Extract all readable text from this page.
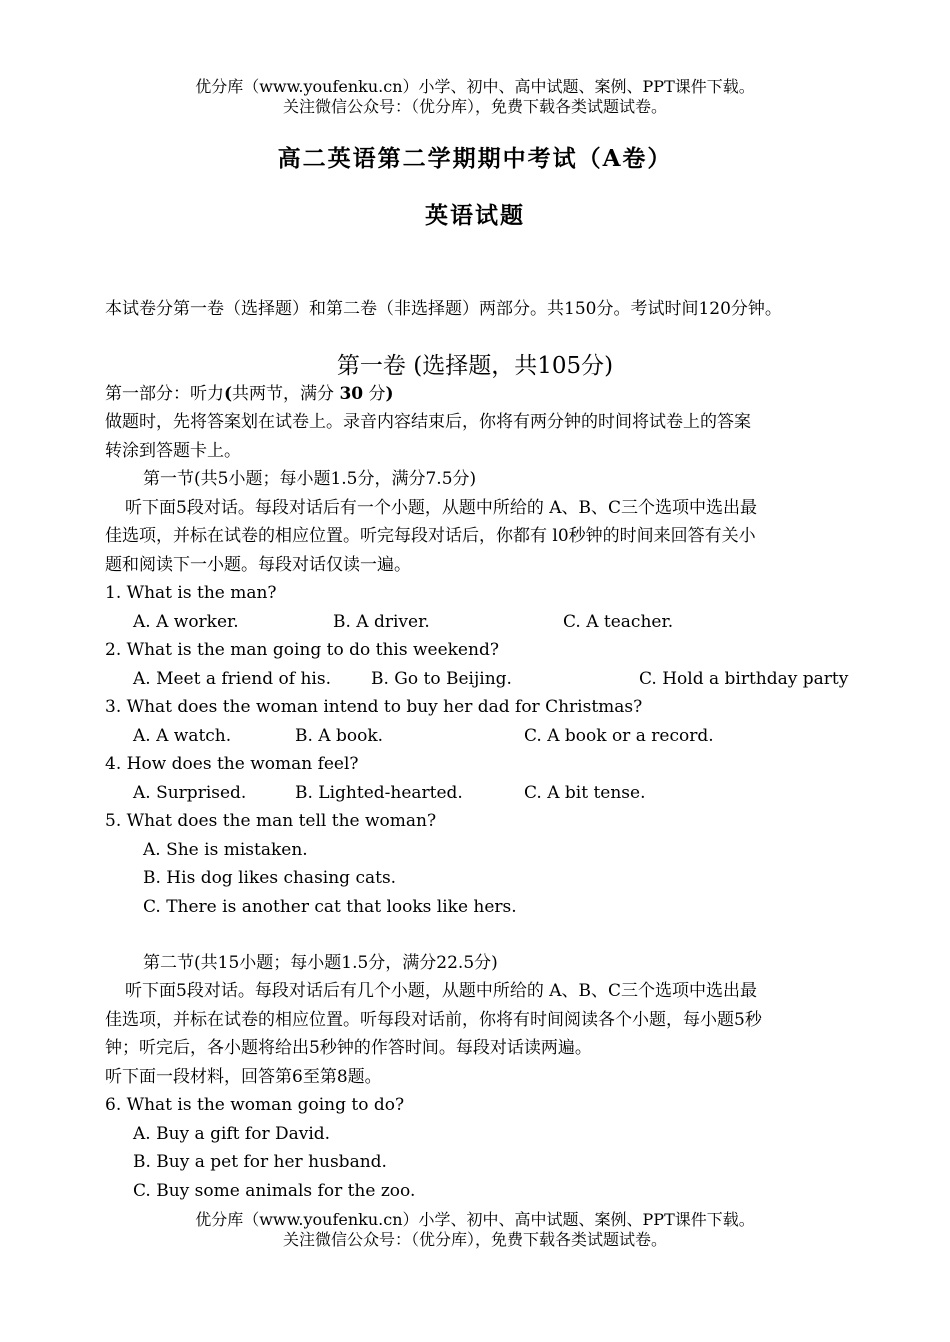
优分库（www.youfenku.cn）小学、初中、高中试题、案例、PPT课件下载。
关注微信公众号：（优分库），免费下载各类试题试卷。
高二英语第二学期期中考试（A卷）
英语试题
本试卷分第一卷（选择题）和第二卷（非选择题）两部分。共150分。考试时间120分钟。
第一卷 (选择题，共105分)
第一部分：听力(共两节，满分 30 分)
做题时，先将答案划在试卷上。录音内容结束后，你将有两分钟的时间将试卷上的答案
转涂到答题卡上。
第一节(共5小题；每小题1.5分，满分7.5分)
听下面5段对话。每段对话后有一个小题，从题中所给的 A、B、C三个选项中选出最
佳选项，并标在试卷的相应位置。听完每段对话后，你都有 l0秒钟的时间来回答有关小
题和阅读下一小题。每段对话仅读一遍。
1. What is the man?
A. A worker.	B. A driver.	C. A teacher.
2. What is the man going to do this weekend?
A. Meet a friend of his. B. Go to Beijing.	C. Hold a birthday party
3. What does the woman intend to buy her dad for Christmas?
A. A watch.	B. A book.	C. A book or a record.
4. How does the woman feel?
A. Surprised.	B. Lighted-hearted.	C. A bit tense.
5. What does the man tell the woman?
A. She is mistaken.
B. His dog likes chasing cats.
C. There is another cat that looks like hers.
第二节(共15小题；每小题1.5分，满分22.5分)
听下面5段对话。每段对话后有几个小题，从题中所给的 A、B、C三个选项中选出最
佳选项，并标在试卷的相应位置。听每段对话前，你将有时间阅读各个小题，每小题5秒
钟；听完后，各小题将给出5秒钟的作答时间。每段对话读两遍。
听下面一段材料，回答第6至第8题。
6. What is the woman going to do?
A. Buy a gift for David.
B. Buy a pet for her husband.
C. Buy some animals for the zoo.
优分库（www.youfenku.cn）小学、初中、高中试题、案例、PPT课件下载。
关注微信公众号：（优分库），免费下载各类试题试卷。
